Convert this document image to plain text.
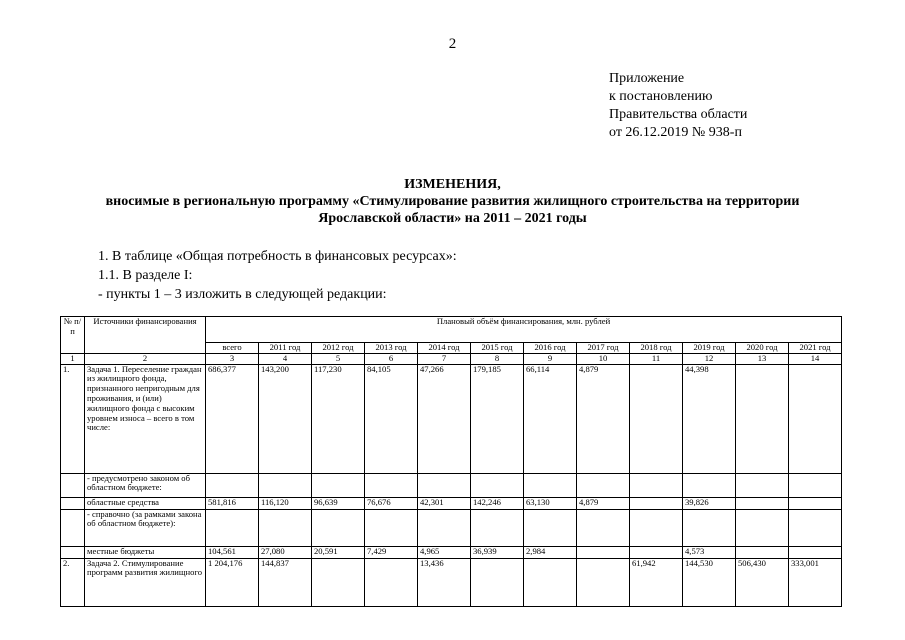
2
Приложение
к постановлению
Правительства области
от 26.12.2019 № 938-п
ИЗМЕНЕНИЯ,
вносимые в региональную программу «Стимулирование развития жилищного строительства на территории
Ярославской области» на 2011 – 2021 годы
1. В таблице «Общая потребность в финансовых ресурсах»:
1.1. В разделе I:
- пункты 1 – 3 изложить в следующей редакции:
№ п/п	Источники финансирования	Плановый объём финансирования, млн. рублей											
		всего	2011 год	2012 год	2013 год	2014 год	2015 год	2016 год	2017 год	2018 год	2019 год	2020 год	2021 год
1	2	3	4	5	6	7	8	9	10	11	12	13	14
1.	Задача 1. Переселение граждан из жилищного фонда, признанного непригодным для проживания, и (или) жилищного фонда с высоким уровнем износа – всего в том числе:	686,377	143,200	117,230	84,105	47,266	179,185	66,114	4,879		44,398		
	- предусмотрено законом об областном бюджете:												
	областные средства	581,816	116,120	96,639	76,676	42,301	142,246	63,130	4,879		39,826		
	- справочно (за рамками закона об областном бюджете):												
	местные бюджеты	104,561	27,080	20,591	7,429	4,965	36,939	2,984			4,573		
2.	Задача 2. Стимулирование программ развития жилищного	1 204,176	144,837			13,436				61,942	144,530	506,430	333,001
